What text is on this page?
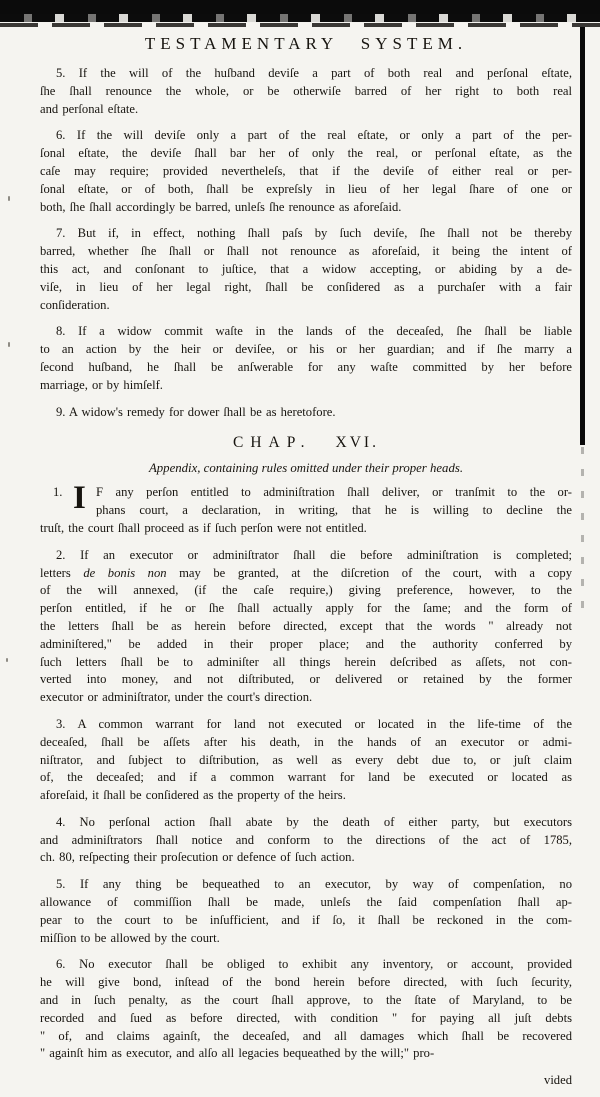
TESTAMENTARY SYSTEM.
5. If the will of the huſband deviſe a part of both real and perſonal eſtate,
ſhe ſhall renounce the whole, or be otherwiſe barred of her right to both real
and perſonal eſtate.
6. If the will deviſe only a part of the real eſtate, or only a part of the per-
ſonal eſtate, the deviſe ſhall bar her of only the real, or perſonal eſtate, as the
caſe may require; provided nevertheleſs, that if the deviſe of either real or per-
ſonal eſtate, or of both, ſhall be expreſsly in lieu of her legal ſhare of one or
both, ſhe ſhall accordingly be barred, unleſs ſhe renounce as aforeſaid.
7. But if, in effect, nothing ſhall paſs by ſuch deviſe, ſhe ſhall not be thereby
barred, whether ſhe ſhall or ſhall not renounce as aforeſaid, it being the intent of
this act, and conſonant to juſtice, that a widow accepting, or abiding by a de-
viſe, in lieu of her legal right, ſhall be conſidered as a purchaſer with a fair
conſideration.
8. If a widow commit waſte in the lands of the deceaſed, ſhe ſhall be liable
to an action by the heir or deviſee, or his or her guardian; and if ſhe marry a
ſecond huſband, he ſhall be anſwerable for any waſte committed by her before
marriage, or by himſelf.
9. A widow's remedy for dower ſhall be as heretofore.
CHAP. XVI.
Appendix, containing rules omitted under their proper heads.
1. I F any perſon entitled to adminiſtration ſhall deliver, or tranſmit to the or-
phans court, a declaration, in writing, that he is willing to decline the
truſt, the court ſhall proceed as if ſuch perſon were not entitled.
2. If an executor or adminiſtrator ſhall die before adminiſtration is completed;
letters de bonis non may be granted, at the diſcretion of the court, with a copy
of the will annexed, (if the caſe require,) giving preference, however, to the
perſon entitled, if he or ſhe ſhall actually apply for the ſame; and the form of
the letters ſhall be as herein before directed, except that the words " already not
adminiſtered," be added in their proper place; and the authority conferred by
ſuch letters ſhall be to adminiſter all things herein deſcribed as aſſets, not con-
verted into money, and not diſtributed, or delivered or retained by the former
executor or adminiſtrator, under the court's direction.
3. A common warrant for land not executed or located in the life-time of the
deceaſed, ſhall be aſſets after his death, in the hands of an executor or admi-
niſtrator, and ſubject to diſtribution, as well as every debt due to, or juſt claim
of, the deceaſed; and if a common warrant for land be executed or located as
aforeſaid, it ſhall be conſidered as the property of the heirs.
4. No perſonal action ſhall abate by the death of either party, but executors
and adminiſtrators ſhall notice and conform to the directions of the act of 1785,
ch. 80, reſpecting their proſecution or defence of ſuch action.
5. If any thing be bequeathed to an executor, by way of compenſation, no
allowance of commiſſion ſhall be made, unleſs the ſaid compenſation ſhall ap-
pear to the court to be inſufficient, and if ſo, it ſhall be reckoned in the com-
miſſion to be allowed by the court.
6. No executor ſhall be obliged to exhibit any inventory, or account, provided
he will give bond, inſtead of the bond herein before directed, with ſuch ſecurity,
and in ſuch penalty, as the court ſhall approve, to the ſtate of Maryland, to be
recorded and ſued as before directed, with condition " for paying all juſt debts
" of, and claims againſt, the deceaſed, and all damages which ſhall be recovered
" againſt him as executor, and alſo all legacies bequeathed by the will;" pro-
vided
